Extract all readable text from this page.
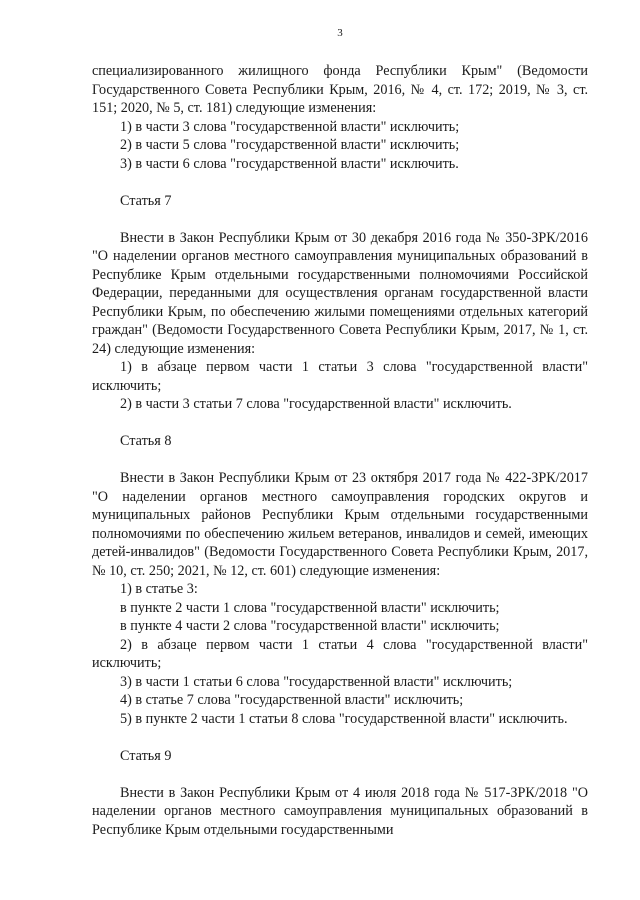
3
специализированного жилищного фонда Республики Крым" (Ведомости Государственного Совета Республики Крым, 2016, № 4, ст. 172; 2019, № 3, ст. 151; 2020, № 5, ст. 181) следующие изменения:
1) в части 3 слова "государственной власти" исключить;
2) в части 5 слова "государственной власти" исключить;
3) в части 6 слова "государственной власти" исключить.
Статья 7
Внести в Закон Республики Крым от 30 декабря 2016 года № 350-ЗРК/2016 "О наделении органов местного самоуправления муниципальных образований в Республике Крым отдельными государственными полномочиями Российской Федерации, переданными для осуществления органам государственной власти Республики Крым, по обеспечению жилыми помещениями отдельных категорий граждан" (Ведомости Государственного Совета Республики Крым, 2017, № 1, ст. 24) следующие изменения:
1) в абзаце первом части 1 статьи 3 слова "государственной власти" исключить;
2) в части 3 статьи 7 слова "государственной власти" исключить.
Статья 8
Внести в Закон Республики Крым от 23 октября 2017 года № 422-ЗРК/2017 "О наделении органов местного самоуправления городских округов и муниципальных районов Республики Крым отдельными государственными полномочиями по обеспечению жильем ветеранов, инвалидов и семей, имеющих детей-инвалидов" (Ведомости Государственного Совета Республики Крым, 2017, № 10, ст. 250; 2021, № 12, ст. 601) следующие изменения:
1) в статье 3:
в пункте 2 части 1 слова "государственной власти" исключить;
в пункте 4 части 2 слова "государственной власти" исключить;
2) в абзаце первом части 1 статьи 4 слова "государственной власти" исключить;
3) в части 1 статьи 6 слова "государственной власти" исключить;
4) в статье 7 слова "государственной власти" исключить;
5) в пункте 2 части 1 статьи 8 слова "государственной власти" исключить.
Статья 9
Внести в Закон Республики Крым от 4 июля 2018 года № 517-ЗРК/2018 "О наделении органов местного самоуправления муниципальных образований в Республике Крым отдельными государственными
